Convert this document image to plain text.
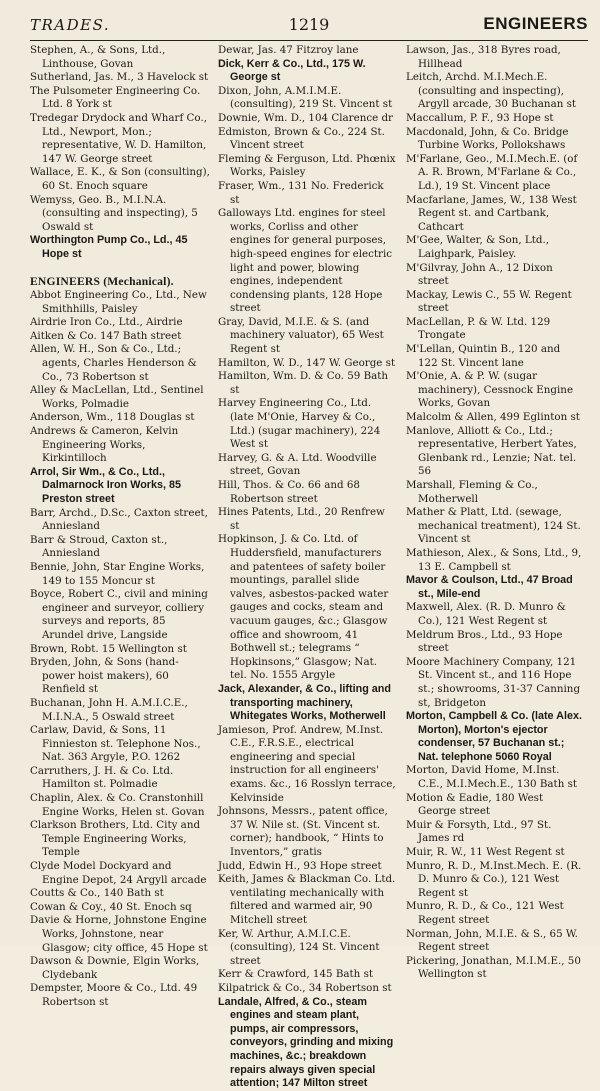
TRADES.	1219	ENGINEERS

Stephen, A., & Sons, Ltd., Linthouse, Govan

Sutherland, Jas. M., 3 Havelock st

The Pulsometer Engineering Co. Ltd. 8 York st

Tredegar Drydock and Wharf Co., Ltd., Newport, Mon.; representative, W. D. Hamilton, 147 W. George street

Wallace, E. K., & Son (consulting), 60 St. Enoch square

Wemyss, Geo. B., M.I.N.A. (consulting and inspecting), 5 Oswald st

Worthington Pump Co., Ld., 45 Hope st

ENGINEERS (Mechanical).

Abbot Engineering Co., Ltd., New Smithhills, Paisley

Airdrie Iron Co., Ltd., Airdrie

Aitken & Co. 147 Bath street

Allen, W. H., Son & Co., Ltd.; agents, Charles Henderson & Co., 73 Robertson st

Alley & MacLellan, Ltd., Sentinel Works, Polmadie

Anderson, Wm., 118 Douglas st

Andrews & Cameron, Kelvin Engineering Works, Kirkintilloch

Arrol, Sir Wm., & Co., Ltd., Dalmarnock Iron Works, 85 Preston street

Barr, Archd., D.Sc., Caxton street, Anniesland

Barr & Stroud, Caxton st., Anniesland

Bennie, John, Star Engine Works, 149 to 155 Moncur st

Boyce, Robert C., civil and mining engineer and surveyor, colliery surveys and reports, 85 Arundel drive, Langside

Brown, Robt. 15 Wellington st

Bryden, John, & Sons (hand-power hoist makers), 60 Renfield st

Buchanan, John H. A.M.I.C.E., M.I.N.A., 5 Oswald street

Carlaw, David, & Sons, 11 Finnieston st. Telephone Nos., Nat. 363 Argyle, P.O. 1262

Carruthers, J. H. & Co. Ltd. Hamilton st. Polmadie

Chaplin, Alex. & Co. Cranstonhill Engine Works, Helen st. Govan

Clarkson Brothers, Ltd. City and Temple Engineering Works, Temple

Clyde Model Dockyard and Engine Depot, 24 Argyll arcade

Coutts & Co., 140 Bath st

Cowan & Coy., 40 St. Enoch sq

Davie & Horne, Johnstone Engine Works, Johnstone, near Glasgow; city office, 45 Hope st

Dawson & Downie, Elgin Works, Clydebank

Dempster, Moore & Co., Ltd. 49 Robertson st

Dewar, Jas. 47 Fitzroy lane

Dick, Kerr & Co., Ltd., 175 W. George st

Dixon, John, A.M.I.M.E. (consulting), 219 St. Vincent st

Downie, Wm. D., 104 Clarence dr

Edmiston, Brown & Co., 224 St. Vincent street

Fleming & Ferguson, Ltd. Phœnix Works, Paisley

Fraser, Wm., 131 No. Frederick st

Galloways Ltd. engines for steel works, Corliss and other engines for general purposes, high-speed engines for electric light and power, blowing engines, independent condensing plants, 128 Hope street

Gray, David, M.I.E. & S. (and machinery valuator), 65 West Regent st

Hamilton, W. D., 147 W. George st

Hamilton, Wm. D. & Co. 59 Bath st

Harvey Engineering Co., Ltd. (late M'Onie, Harvey & Co., Ltd.) (sugar machinery), 224 West st

Harvey, G. & A. Ltd. Woodville street, Govan

Hill, Thos. & Co. 66 and 68 Robertson street

Hines Patents, Ltd., 20 Renfrew st

Hopkinson, J. & Co. Ltd. of Huddersfield, manufacturers and patentees of safety boiler mountings, parallel slide valves, asbestos-packed water gauges and cocks, steam and vacuum gauges, &c.; Glasgow office and showroom, 41 Bothwell st.; telegrams “ Hopkinsons,” Glasgow; Nat. tel. No. 1555 Argyle

Jack, Alexander, & Co., lifting and transporting machinery, Whitegates Works, Motherwell

Jamieson, Prof. Andrew, M.Inst. C.E., F.R.S.E., electrical engineering and special instruction for all engineers' exams. &c., 16 Rosslyn terrace, Kelvinside

Johnsons, Messrs., patent office, 37 W. Nile st. (St. Vincent st. corner); handbook, “ Hints to Inventors,” gratis

Judd, Edwin H., 93 Hope street

Keith, James & Blackman Co. Ltd. ventilating mechanically with filtered and warmed air, 90 Mitchell street

Ker, W. Arthur, A.M.I.C.E. (consulting), 124 St. Vincent street

Kerr & Crawford, 145 Bath st

Kilpatrick & Co., 34 Robertson st

Landale, Alfred, & Co., steam engines and steam plant, pumps, air compressors, conveyors, grinding and mixing machines, &c.; breakdown repairs always given special attention; 147 Milton street

Lawson, Jas., 318 Byres road, Hillhead

Leitch, Archd. M.I.Mech.E. (consulting and inspecting), Argyll arcade, 30 Buchanan st

Maccallum, P. F., 93 Hope st

Macdonald, John, & Co. Bridge Turbine Works, Pollokshaws

M'Farlane, Geo., M.I.Mech.E. (of A. R. Brown, M'Farlane & Co., Ld.), 19 St. Vincent place

Macfarlane, James, W., 138 West Regent st. and Cartbank, Cathcart

M'Gee, Walter, & Son, Ltd., Laighpark, Paisley.

M'Gilvray, John A., 12 Dixon street

Mackay, Lewis C., 55 W. Regent street

MacLellan, P. & W. Ltd. 129 Trongate

M'Lellan, Quintin B., 120 and 122 St. Vincent lane

M'Onie, A. & P. W. (sugar machinery), Cessnock Engine Works, Govan

Malcolm & Allen, 499 Eglinton st

Manlove, Alliott & Co., Ltd.; representative, Herbert Yates, Glenbank rd., Lenzie; Nat. tel. 56

Marshall, Fleming & Co., Motherwell

Mather & Platt, Ltd. (sewage, mechanical treatment), 124 St. Vincent st

Mathieson, Alex., & Sons, Ltd., 9, 13 E. Campbell st

Mavor & Coulson, Ltd., 47 Broad st., Mile-end

Maxwell, Alex. (R. D. Munro & Co.), 121 West Regent st

Meldrum Bros., Ltd., 93 Hope street

Moore Machinery Company, 121 St. Vincent st., and 116 Hope st.; showrooms, 31-37 Canning st, Bridgeton

Morton, Campbell & Co. (late Alex. Morton), Morton's ejector condenser, 57 Buchanan st.; Nat. telephone 5060 Royal

Morton, David Home, M.Inst. C.E., M.I.Mech.E., 130 Bath st

Motion & Eadie, 180 West George street

Muir & Forsyth, Ltd., 97 St. James rd

Muir, R. W., 11 West Regent st

Munro, R. D., M.Inst.Mech. E. (R. D. Munro & Co.), 121 West Regent st

Munro, R. D., & Co., 121 West Regent street

Norman, John, M.I.E. & S., 65 W. Regent street

Pickering, Jonathan, M.I.M.E., 50 Wellington st
